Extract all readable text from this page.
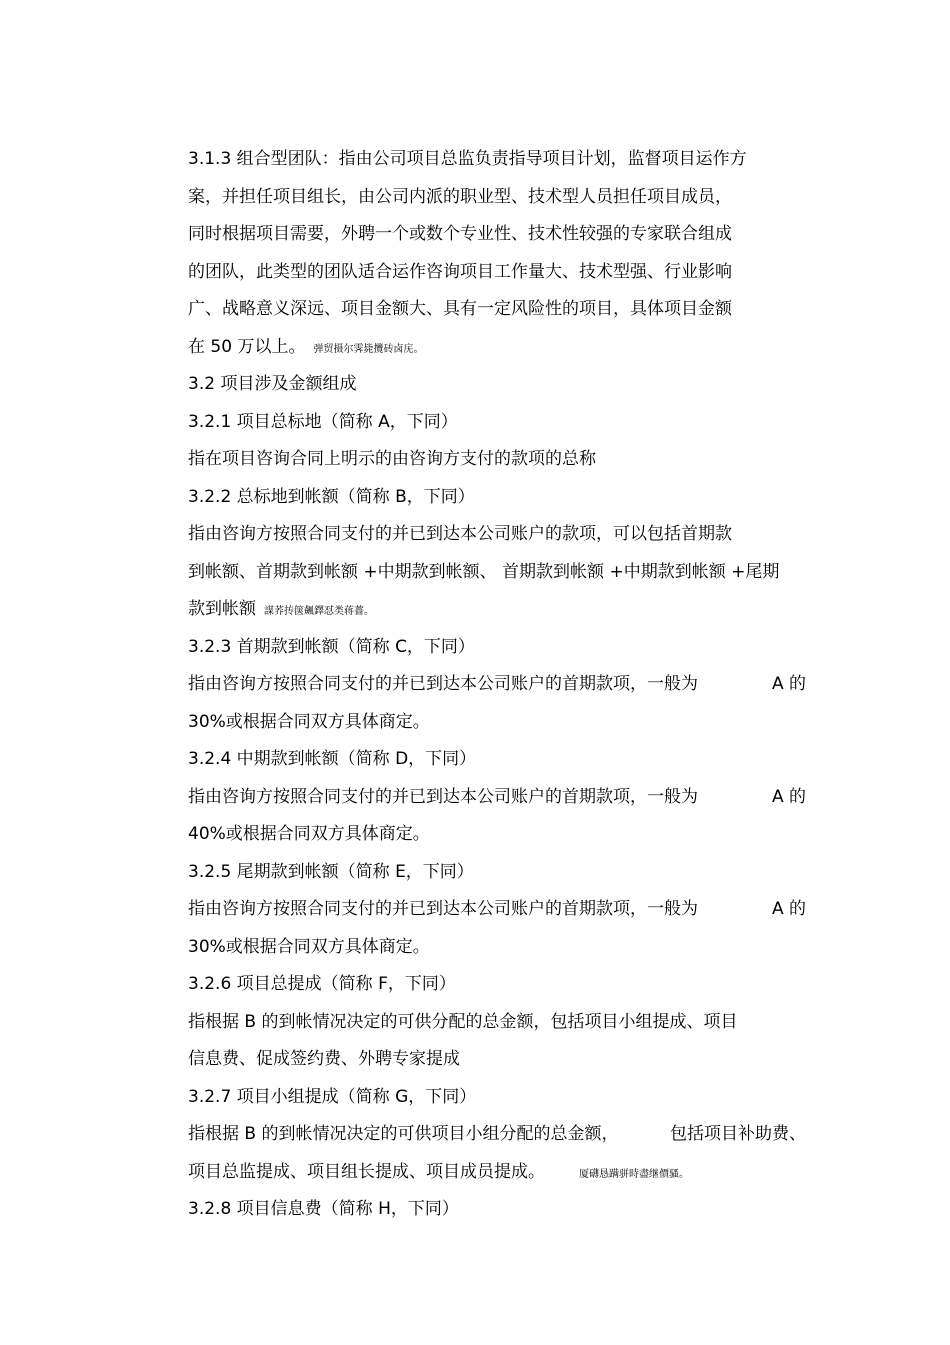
3.1.3 组合型团队：指由公司项目总监负责指导项目计划，监督项目运作方
案，并担任项目组长，由公司内派的职业型、技术型人员担任项目成员，
同时根据项目需要，外聘一个或数个专业性、技术性较强的专家联合组成
的团队，此类型的团队适合运作咨询项目工作量大、技术型强、行业影响
广、战略意义深远、项目金额大、具有一定风险性的项目，具体项目金额
在 50 万以上。 弹贸摄尔霁毙攬砖卤庑。
3.2 项目涉及金额组成
3.2.1 项目总标地（简称 A，下同）
指在项目咨询合同上明示的由咨询方支付的款项的总称
3.2.2 总标地到帐额（简称 B，下同）
指由咨询方按照合同支付的并已到达本公司账户的款项，可以包括首期款
到帐额、首期款到帐额 +中期款到帐额、 首期款到帐额 +中期款到帐额 +尾期
款到帐额 謀荞抟箧飆鐸怼类蒋薔。
3.2.3 首期款到帐额（简称 C，下同）
指由咨询方按照合同支付的并已到达本公司账户的首期款项，一般为	A 的
30%或根据合同双方具体商定。
3.2.4 中期款到帐额（简称 D，下同）
指由咨询方按照合同支付的并已到达本公司账户的首期款项，一般为	A 的
40%或根据合同双方具体商定。
3.2.5 尾期款到帐额（简称 E，下同）
指由咨询方按照合同支付的并已到达本公司账户的首期款项，一般为	A 的
30%或根据合同双方具体商定。
3.2.6 项目总提成（简称 F，下同）
指根据 B 的到帐情况决定的可供分配的总金额，包括项目小组提成、项目
信息费、促成签约费、外聘专家提成
3.2.7 项目小组提成（简称 G，下同）
指根据 B 的到帐情况决定的可供项目小组分配的总金额，	包括项目补助费、
项目总监提成、项目组长提成、项目成员提成。	厦礴恳蹒骈時盡继價骚。
3.2.8 项目信息费（简称 H，下同）
